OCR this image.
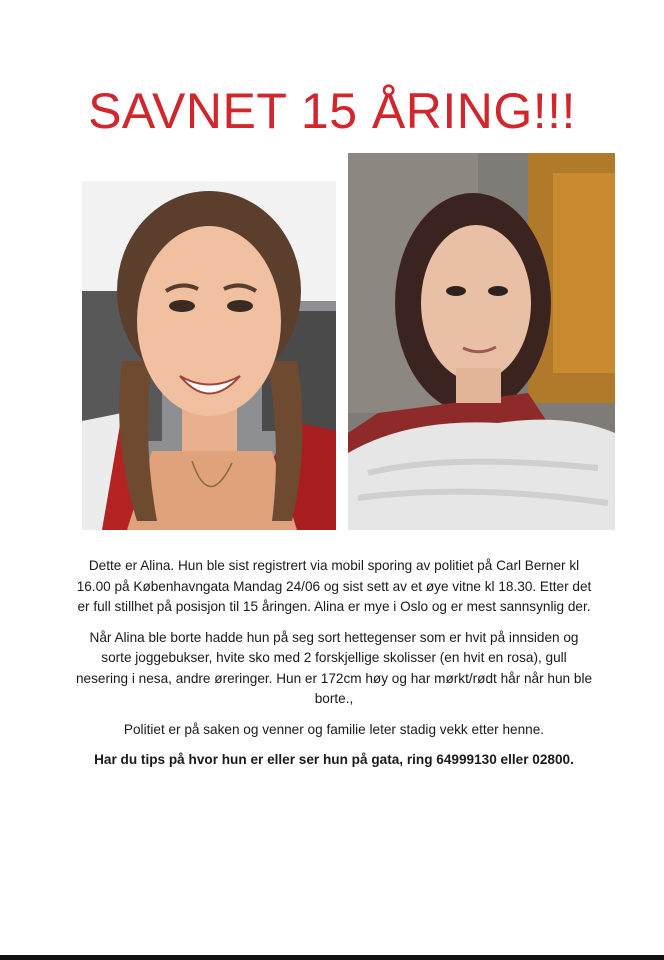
SAVNET 15 ÅRING!!!

Dette er Alina. Hun ble sist registrert via mobil sporing av politiet på Carl Berner kl 16.00 på Københavngata Mandag 24/06 og sist sett av et øye vitne kl 18.30. Etter det er full stillhet på posisjon til 15 åringen. Alina er mye i Oslo og er mest sannsynlig der.

Når Alina ble borte hadde hun på seg sort hettegenser som er hvit på innsiden og sorte joggebukser, hvite sko med 2 forskjellige skolisser (en hvit en rosa), gull nesering i nesa, andre øreringer. Hun er 172cm høy og har mørkt/rødt hår når hun ble borte.,

Politiet er på saken og venner og familie leter stadig vekk etter henne.

Har du tips på hvor hun er eller ser hun på gata, ring 64999130 eller 02800.
